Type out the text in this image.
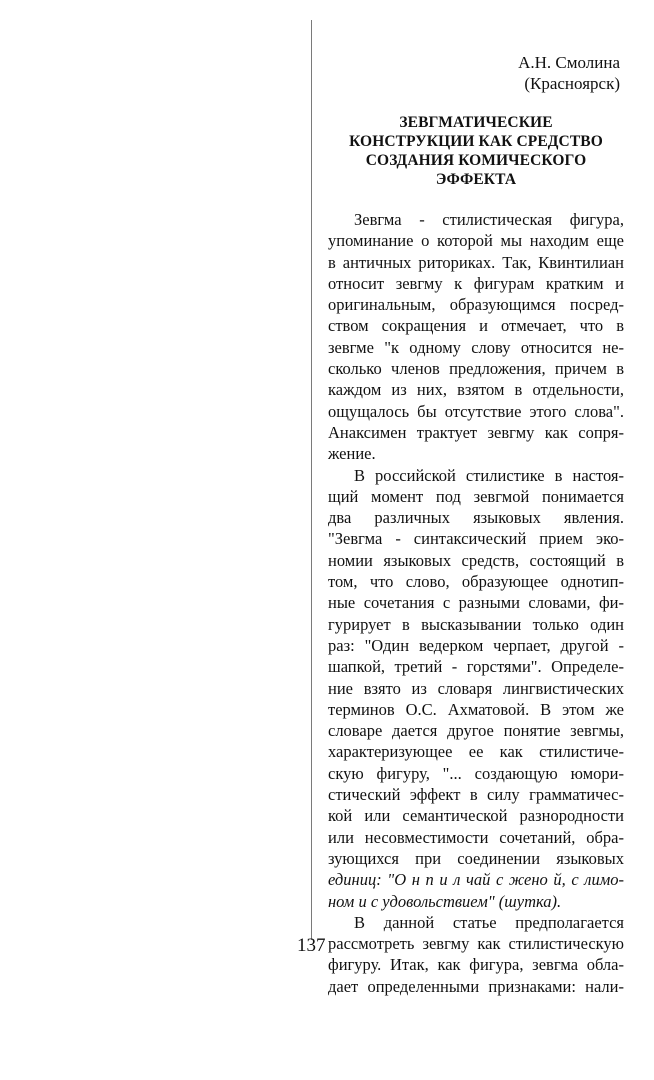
А.Н. Смолина
(Красноярск)
ЗЕВГМАТИЧЕСКИЕ
КОНСТРУКЦИИ КАК СРЕДСТВО
СОЗДАНИЯ КОМИЧЕСКОГО
ЭФФЕКТА
Зевгма - стилистическая фигура,
упоминание о которой мы находим еще
в античных риториках. Так, Квинтилиан
относит зевгму к фигурам кратким и
оригинальным, образующимся посред-
ством сокращения и отмечает, что в
зевгме "к одному слову относится не-
сколько членов предложения, причем в
каждом из них, взятом в отдельности,
ощущалось бы отсутствие этого слова".
Анаксимен трактует зевгму как сопря-
жение.
В российской стилистике в настоя-
щий момент под зевгмой понимается
два различных языковых явления.
"Зевгма - синтаксический прием эко-
номии языковых средств, состоящий в
том, что слово, образующее однотип-
ные сочетания с разными словами, фи-
гурирует в высказывании только один
раз: "Один ведерком черпает, другой -
шапкой, третий - горстями". Определе-
ние взято из словаря лингвистических
терминов О.С. Ахматовой. В этом же
словаре дается другое понятие зевгмы,
характеризующее ее как стилистиче-
скую фигуру, "... создающую юмори-
стический эффект в силу грамматичес-
кой или семантической разнородности
или несовместимости сочетаний, обра-
зующихся при соединении языковых
единиц: "О н п и л чай с жено й, с лимо-
ном и с удовольствием" (шутка).
В данной статье предполагается
рассмотреть зевгму как стилистическую
фигуру. Итак, как фигура, зевгма обла-
дает определенными признаками: нали-
137
